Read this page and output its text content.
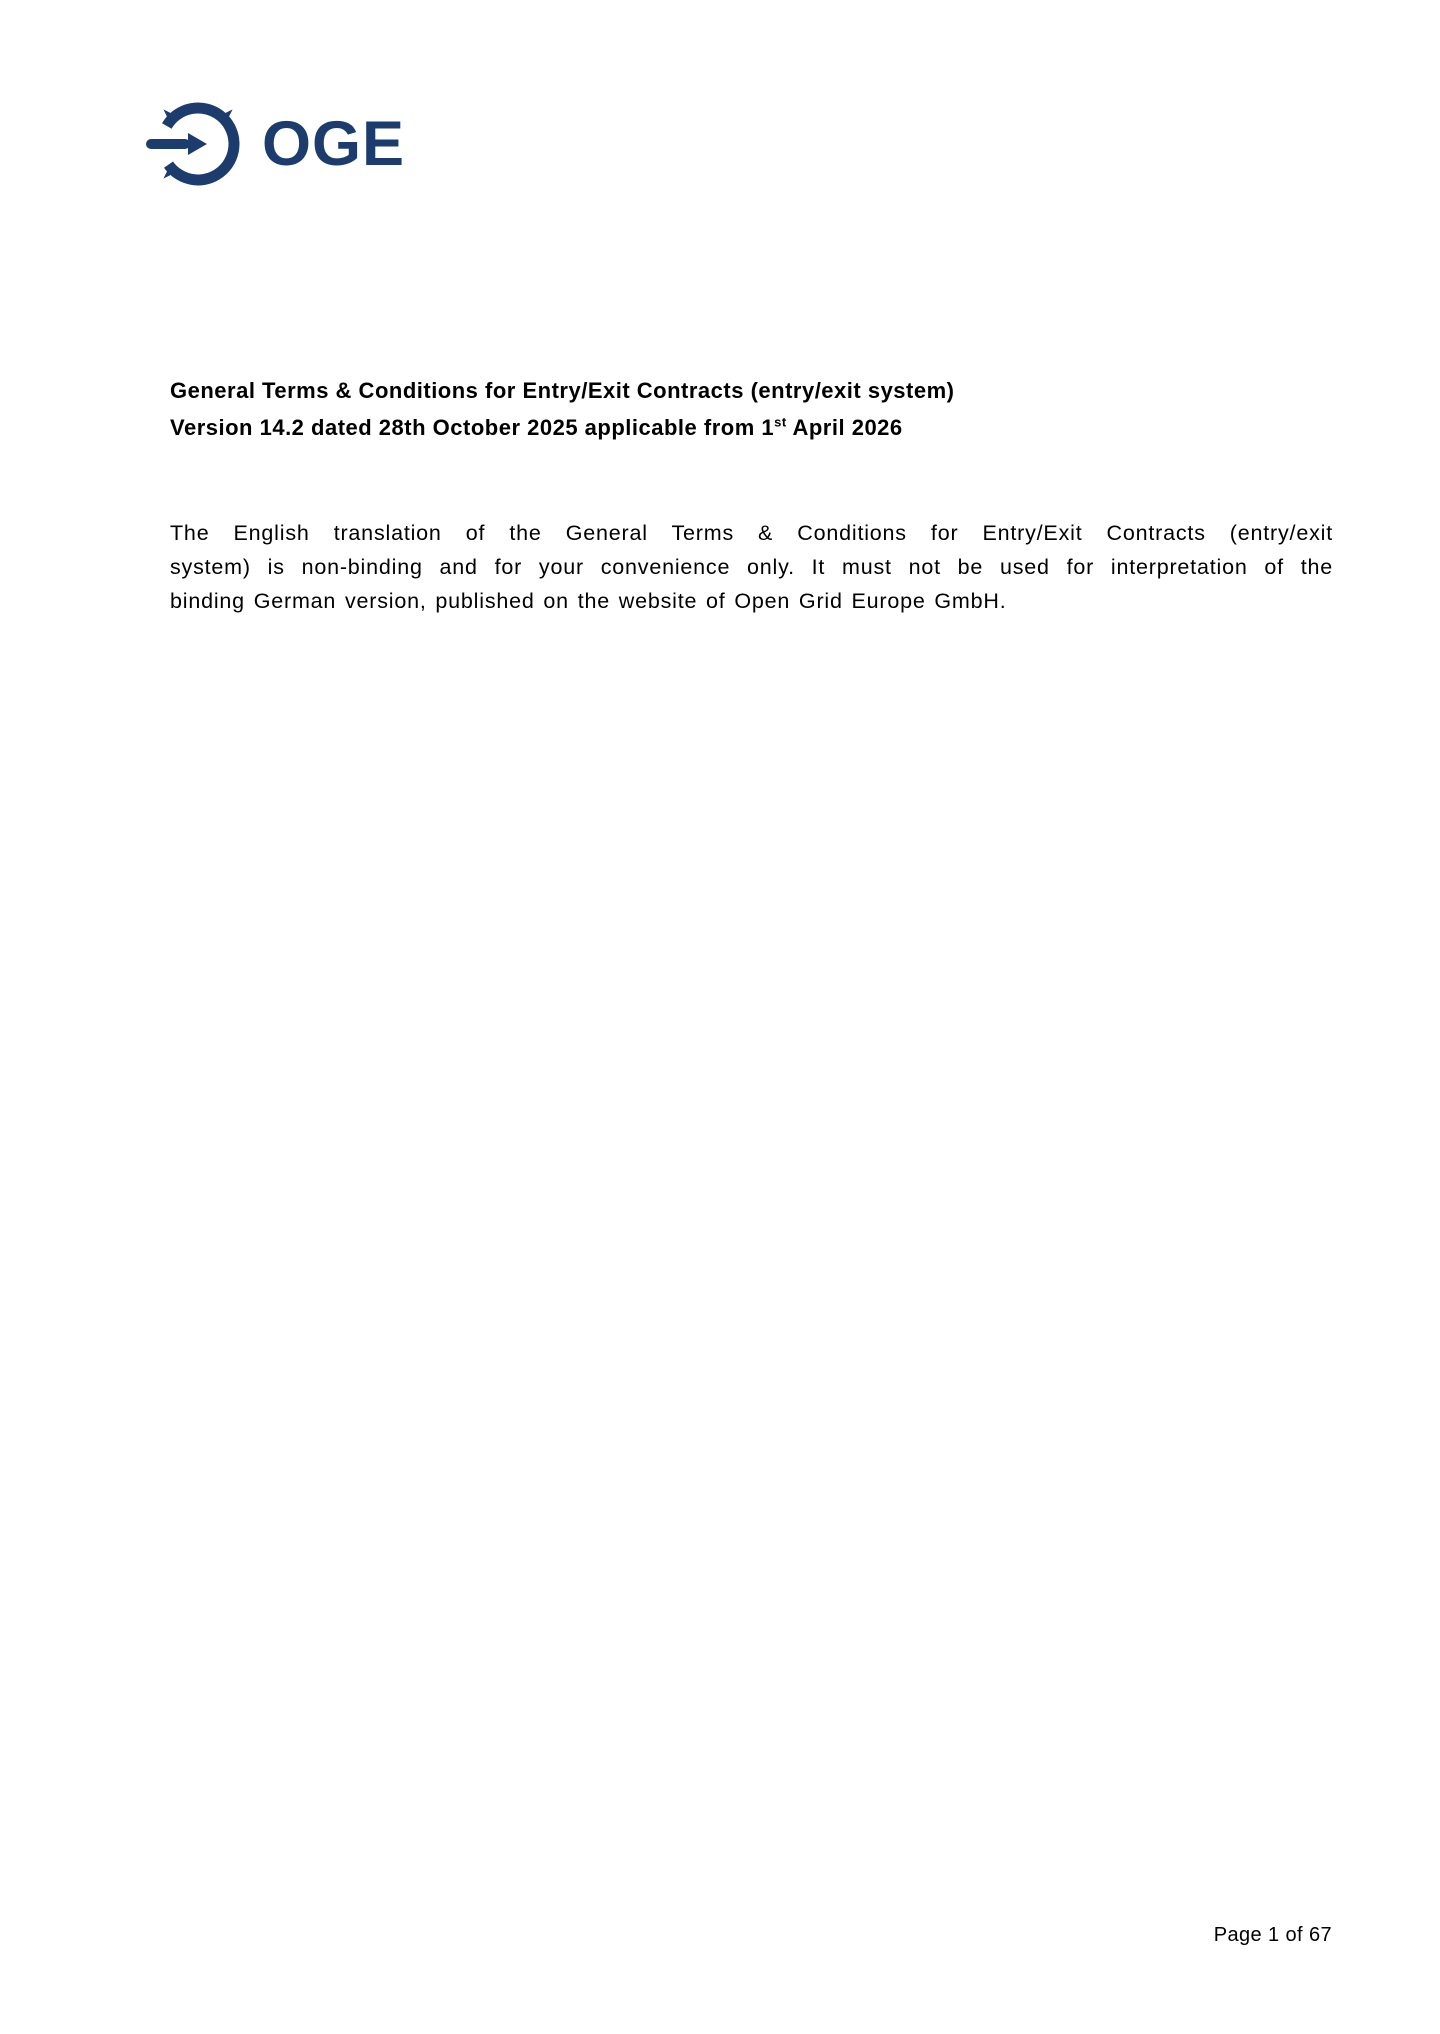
OGE
General Terms & Conditions for Entry/Exit Contracts (entry/exit system)
Version 14.2 dated 28th October 2025 applicable from 1st April 2026
The English translation of the General Terms & Conditions for Entry/Exit Contracts (entry/exit
system) is non-binding and for your convenience only. It must not be used for interpretation of the
binding German version, published on the website of Open Grid Europe GmbH.
Page 1 of 67
